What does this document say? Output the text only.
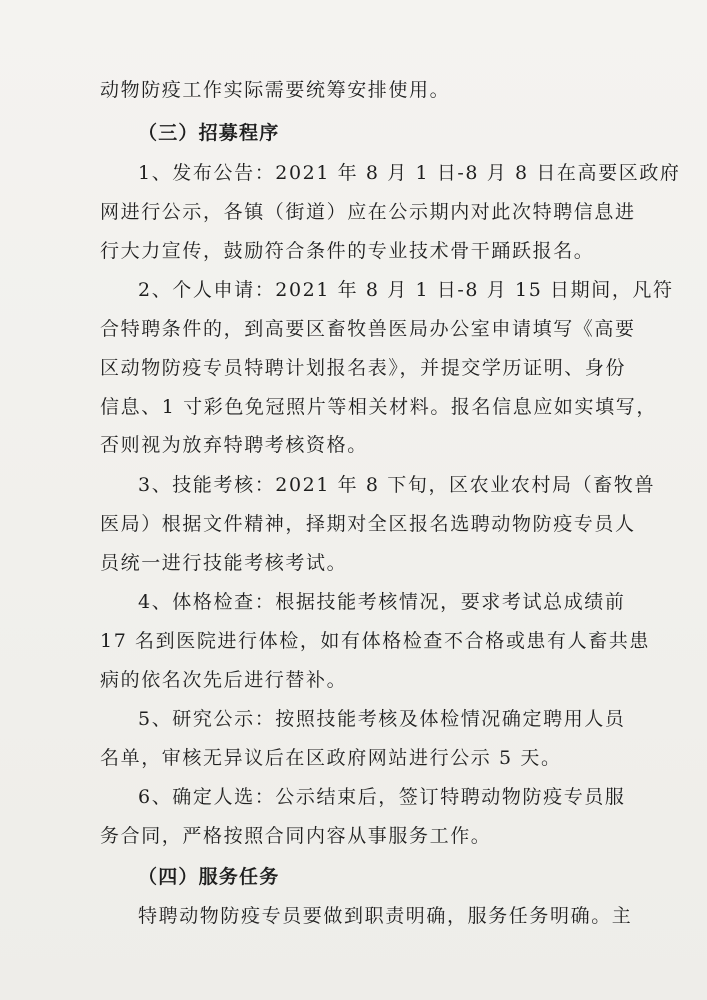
动物防疫工作实际需要统筹安排使用。
（三）招募程序
1、发布公告：2021 年 8 月 1 日-8 月 8 日在高要区政府
网进行公示，各镇（街道）应在公示期内对此次特聘信息进
行大力宣传，鼓励符合条件的专业技术骨干踊跃报名。
2、个人申请：2021 年 8 月 1 日-8 月 15 日期间，凡符
合特聘条件的，到高要区畜牧兽医局办公室申请填写《高要
区动物防疫专员特聘计划报名表》，并提交学历证明、身份
信息、1 寸彩色免冠照片等相关材料。报名信息应如实填写，
否则视为放弃特聘考核资格。
3、技能考核：2021 年 8 下旬，区农业农村局（畜牧兽
医局）根据文件精神，择期对全区报名选聘动物防疫专员人
员统一进行技能考核考试。
4、体格检查：根据技能考核情况，要求考试总成绩前
17 名到医院进行体检，如有体格检查不合格或患有人畜共患
病的依名次先后进行替补。
5、研究公示：按照技能考核及体检情况确定聘用人员
名单，审核无异议后在区政府网站进行公示 5 天。
6、确定人选：公示结束后，签订特聘动物防疫专员服
务合同，严格按照合同内容从事服务工作。
（四）服务任务
特聘动物防疫专员要做到职责明确，服务任务明确。主
